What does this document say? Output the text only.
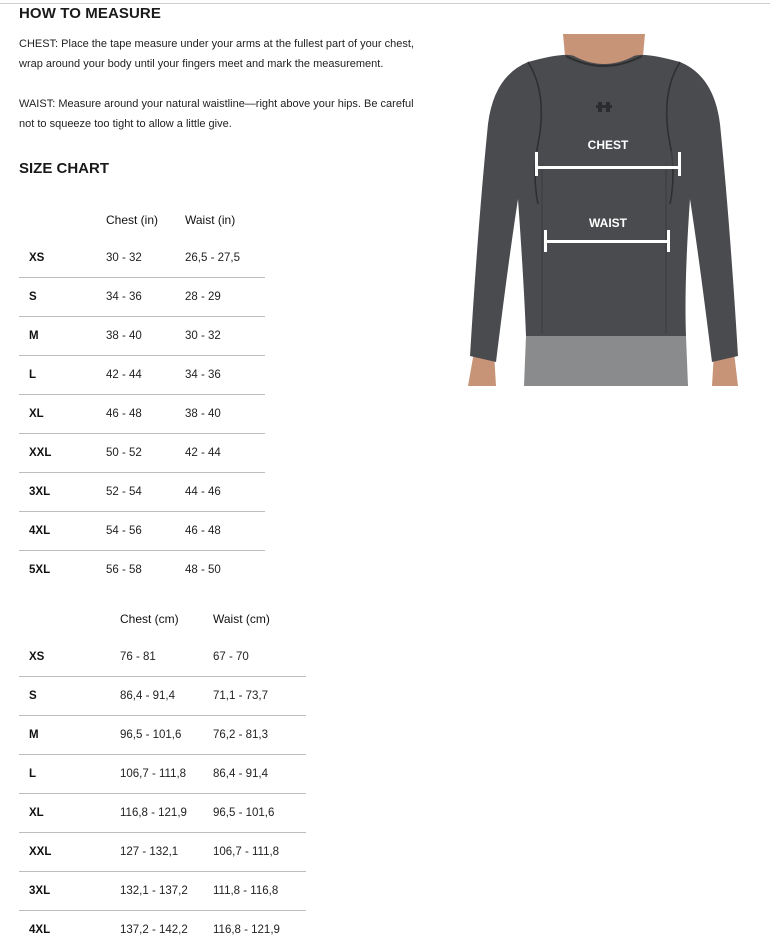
HOW TO MEASURE
CHEST: Place the tape measure under your arms at the fullest part of your chest, wrap around your body until your fingers meet and mark the measurement.
WAIST: Measure around your natural waistline—right above your hips. Be careful not to squeeze too tight to allow a little give.
SIZE CHART
	Chest (in)	Waist (in)
XS	30 - 32	26,5 - 27,5
S	34 - 36	28 - 29
M	38 - 40	30 - 32
L	42 - 44	34 - 36
XL	46 - 48	38 - 40
XXL	50 - 52	42 - 44
3XL	52 - 54	44 - 46
4XL	54 - 56	46 - 48
5XL	56 - 58	48 - 50
	Chest (cm)	Waist (cm)
XS	76 - 81	67 - 70
S	86,4 - 91,4	71,1 - 73,7
M	96,5 - 101,6	76,2 - 81,3
L	106,7 - 111,8	86,4 - 91,4
XL	116,8 - 121,9	96,5 - 101,6
XXL	127 - 132,1	106,7 - 111,8
3XL	132,1 - 137,2	111,8 - 116,8
4XL	137,2 - 142,2	116,8 - 121,9
CHEST
WAIST
